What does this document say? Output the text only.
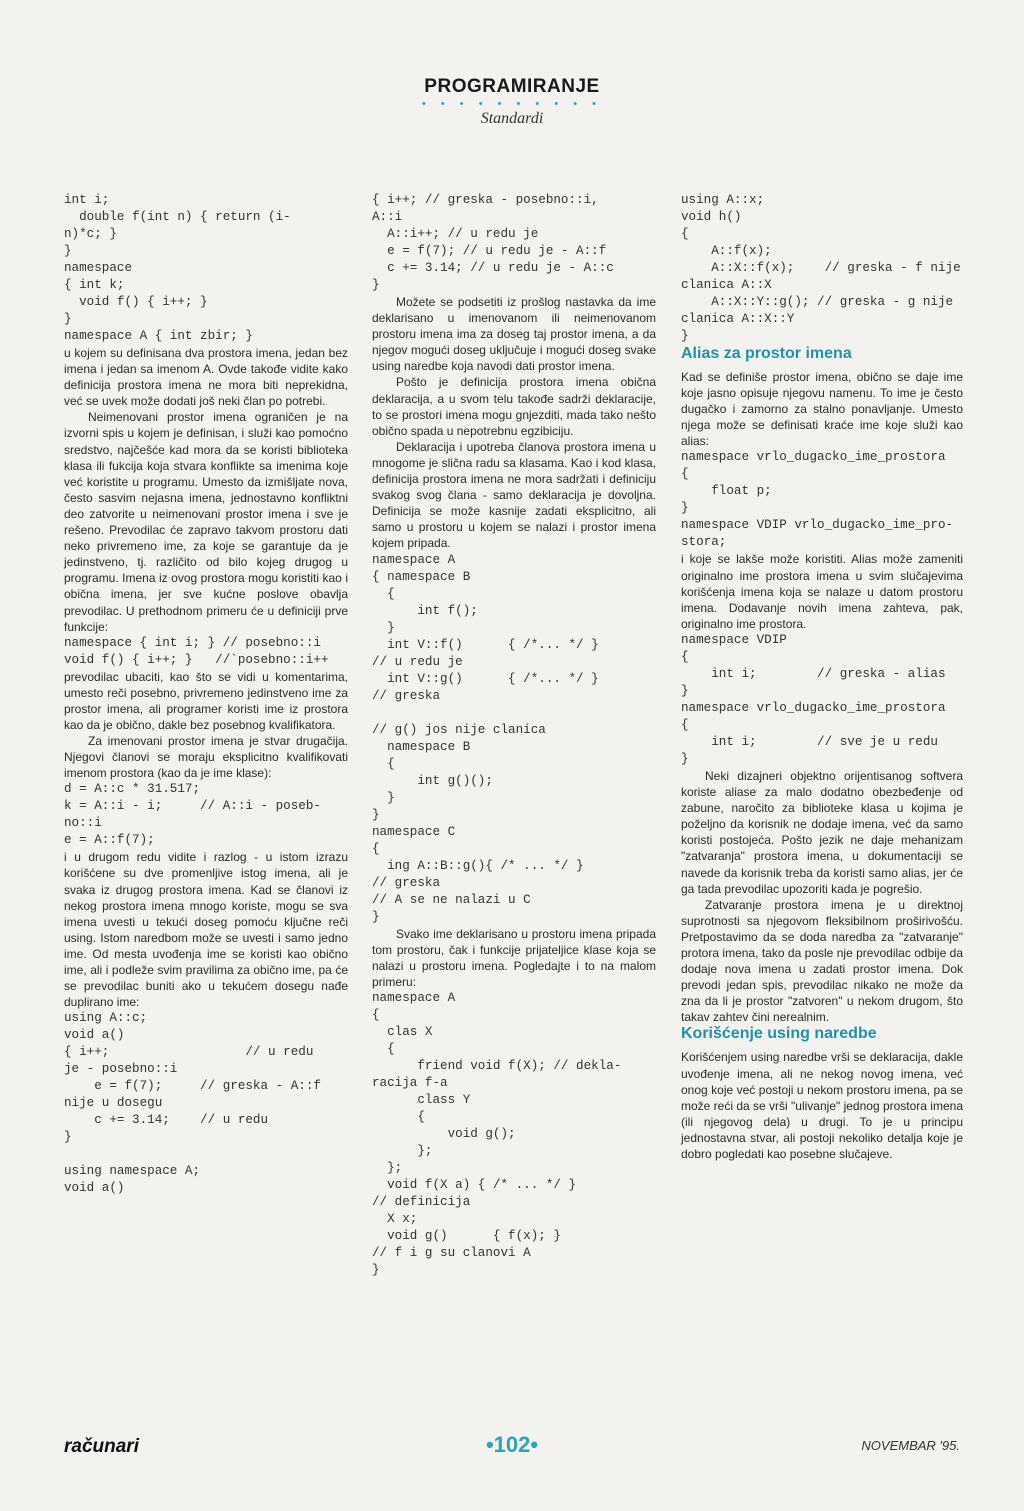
PROGRAMIRANJE
• • • • • • • • • •
Standardi
int i;
double f(int n) { return (i-
n)*c; }
}
namespace
{ int k;
void f() { i++; }
}
namespace A { int zbir; }

u kojem su definisana dva prostora imena, jedan bez imena i jedan sa imenom A. Ovde takođe vidite kako definicija prostora imena ne mora biti neprekidna, već se uvek može dodati još neki član po potrebi.

Neimenovani prostor imena ograničen je na izvorni spis u kojem je definisan, i služi kao pomoćno sredstvo, najčešće kad mora da se koristi biblioteka klasa ili fukcija koja stvara konflikte sa imenima koje već koristite u programu. Umesto da izmišljate nova, često sasvim nejasna imena, jednostavno konfliktni deo zatvorite u neimenovani prostor imena i sve je rešeno. Prevodilac će zapravo takvom prostoru dati neko privremeno ime, za koje se garantuje da je jedinstveno, tj. različito od bilo kojeg drugog u programu. Imena iz ovog prostora mogu koristiti kao i obična imena, jer sve kućne poslove obavlja prevodilac. U prethodnom primeru će u definiciji prve funkcije:

namespace { int i; } // posebno::i
void f() { i++; }   //`posebno::i++

prevodilac ubaciti, kao što se vidi u komentarima, umesto reči posebno, privremeno jedinstveno ime za prostor imena, ali programer koristi ime iz prostora kao da je obično, dakle bez posebnog kvalifikatora.

Za imenovani prostor imena je stvar drugačija. Njegovi članovi se moraju eksplicitno kvalifikovati imenom prostora (kao da je ime klase):

d = A::c * 31.517;
k = A::i - i;     // A::i - poseb-
no::i
e = A::f(7);

i u drugom redu vidite i razlog - u istom izrazu korišćene su dve promenljive istog imena, ali je svaka iz drugog prostora imena. Kad se članovi iz nekog prostora imena mnogo koriste, mogu se sva imena uvesti u tekući doseg pomoću ključne reči using. Istom naredbom može se uvesti i samo jedno ime. Od mesta uvođenja ime se koristi kao obično ime, ali i podleže svim pravilima za obično ime, pa će se prevodilac buniti ako u tekućem dosegu nađe duplirano ime:

using A::c;
void a()
{ i++;                  // u redu
je - posebno::i
e = f(7);     // greska - A::f
nije u dosegu
c += 3.14;    // u redu
}

using namespace A;
void a()
{ i++; // greska - posebno::i,
A::i
A::i++; // u redu je
e = f(7); // u redu je - A::f
c += 3.14; // u redu je - A::c
}

Možete se podsetiti iz prošlog nastavka da ime deklarisano u imenovanom ili neimenovanom prostoru imena ima za doseg taj prostor imena, a da njegov mogući doseg uključuje i mogući doseg svake using naredbe koja navodi dati prostor imena.

Pošto je definicija prostora imena obična deklaracija, a u svom telu takođe sadrži deklaracije, to se prostori imena mogu gnjezditi, mada tako nešto obično spada u nepotrebnu egzibiciju.

Deklaracija i upotreba članova prostora imena u mnogome je slična radu sa klasama. Kao i kod klasa, definicija prostora imena ne mora sadržati i definiciju svakog svog člana - samo deklaracija je dovoljna. Definicija se može kasnije zadati eksplicitno, ali samo u prostoru u kojem se nalazi i prostor imena kojem pripada.

namespace A
{ namespace B
{
int f();
}
int V::f()      { /*... */ }
// u redu je
int V::g()      { /*... */ }
// greska

// g() jos nije clanica
namespace B
{
int g()();
}
}
namespace C
{
ing A::B::g(){ /* ... */ }
// greska
// A se ne nalazi u C
}

Svako ime deklarisano u prostoru imena pripada tom prostoru, čak i funkcije prijateljice klase koja se nalazi u prostoru imena. Pogledajte i to na malom primeru:

namespace A
{
clas X
{
friend void f(X); // dekla-
racija f-a
class Y
{
void g();
};
};
void f(X a) { /* ... */ }
// definicija
X x;
void g()      { f(x); }
// f i g su clanovi A
}
using A::x;
void h()
{
A::f(x);
A::X::f(x);    // greska - f nije
clanica A::X
A::X::Y::g(); // greska - g nije
clanica A::X::Y
}
Alias za prostor imena

Kad se definiše prostor imena, obično se daje ime koje jasno opisuje njegovu namenu. To ime je često dugačko i zamorno za stalno ponavljanje. Umesto njega može se definisati kraće ime koje služi kao alias:

namespace vrlo_dugacko_ime_prostora
{
float p;
}
namespace VDIP vrlo_dugacko_ime_pro-
stora;

i koje se lakše može koristiti. Alias može zameniti originalno ime prostora imena u svim slučajevima korišćenja imena koja se nalaze u datom prostoru imena. Dodavanje novih imena zahteva, pak, originalno ime prostora.

namespace VDIP
{
int i;        // greska - alias
}
namespace vrlo_dugacko_ime_prostora
{
int i;        // sve je u redu
}

Neki dizajneri objektno orijentisanog softvera koriste aliase za malo dodatno obezbeđenje od zabune, naročito za biblioteke klasa u kojima je poželjno da korisnik ne dodaje imena, već da samo koristi postojeća. Pošto jezik ne daje mehanizam "zatvaranja" prostora imena, u dokumentaciji se navede da korisnik treba da koristi samo alias, jer će ga tada prevodilac upozoriti kada je pogrešio.

Zatvaranje prostora imena je u direktnoj suprotnosti sa njegovom fleksibilnom proširivošću. Pretpostavimo da se doda naredba za "zatvaranje" protora imena, tako da posle nje prevodilac odbije da dodaje nova imena u zadati prostor imena. Dok prevodi jedan spis, prevodilac nikako ne može da zna da li je prostor "zatvoren" u nekom drugom, što takav zahtev čini nerealnim.

Korišćenje using naredbe

Korišćenjem using naredbe vrši se deklaracija, dakle uvođenje imena, ali ne nekog novog imena, već onog koje već postoji u nekom prostoru imena, pa se može reći da se vrši "ulivanje" jednog prostora imena (ili njegovog dela) u drugi. To je u principu jednostavna stvar, ali postoji nekoliko detalja koje je dobro pogledati kao posebne slučajeve.

računari	•102•	NOVEMBAR '95.
